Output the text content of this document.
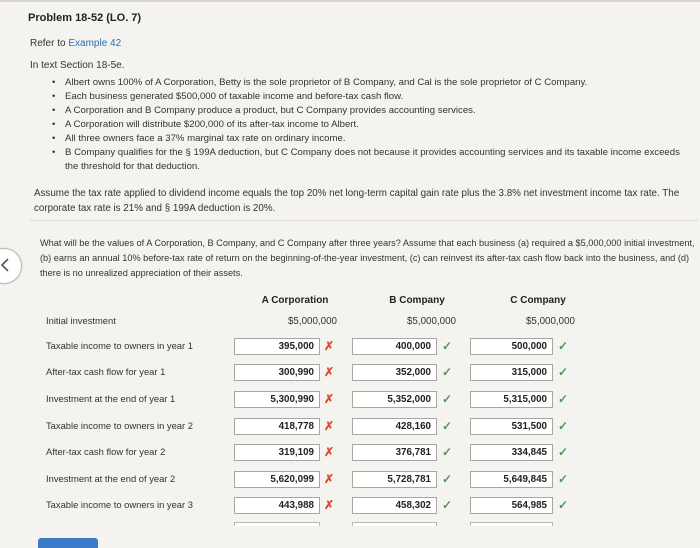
Problem 18-52 (LO. 7)
Refer to Example 42
In text Section 18-5e.
• Albert owns 100% of A Corporation, Betty is the sole proprietor of B Company, and Cal is the sole proprietor of C Company.
• Each business generated $500,000 of taxable income and before-tax cash flow.
• A Corporation and B Company produce a product, but C Company provides accounting services.
• A Corporation will distribute $200,000 of its after-tax income to Albert.
• All three owners face a 37% marginal tax rate on ordinary income.
• B Company qualifies for the § 199A deduction, but C Company does not because it provides accounting services and its taxable income exceeds the threshold for that deduction.
Assume the tax rate applied to dividend income equals the top 20% net long-term capital gain rate plus the 3.8% net investment income tax rate. The corporate tax rate is 21% and § 199A deduction is 20%.
What will be the values of A Corporation, B Company, and C Company after three years? Assume that each business (a) required a $5,000,000 initial investment, (b) earns an annual 10% before-tax rate of return on the beginning-of-the-year investment, (c) can reinvest its after-tax cash flow back into the business, and (d) there is no unrealized appreciation of their assets.
A Corporation	B Company	C Company
Initial investment	$5,000,000	$5,000,000	$5,000,000
Taxable income to owners in year 1	395,000 ✗	400,000 ✓	500,000 ✓
After-tax cash flow for year 1	300,990 ✗	352,000 ✓	315,000 ✓
Investment at the end of year 1	5,300,990 ✗	5,352,000 ✓	5,315,000 ✓
Taxable income to owners in year 2	418,778 ✗	428,160 ✓	531,500 ✓
After-tax cash flow for year 2	319,109 ✗	376,781 ✓	334,845 ✓
Investment at the end of year 2	5,620,099 ✗	5,728,781 ✓	5,649,845 ✓
Taxable income to owners in year 3	443,988 ✗	458,302 ✓	564,985 ✓
